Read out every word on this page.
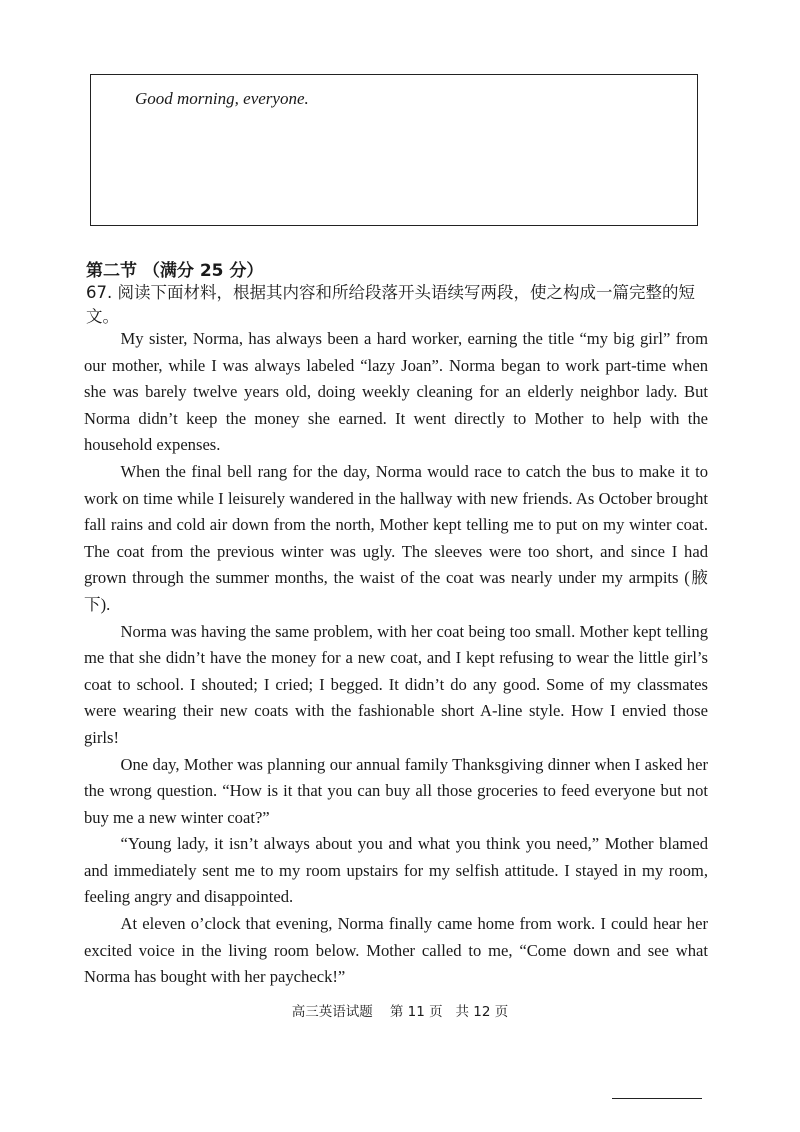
Good morning, everyone.
第二节 （满分 25 分）
67. 阅读下面材料，根据其内容和所给段落开头语续写两段，使之构成一篇完整的短文。

My sister, Norma, has always been a hard worker, earning the title “my big girl” from our mother, while I was always labeled “lazy Joan”. Norma began to work part-time when she was barely twelve years old, doing weekly cleaning for an elderly neighbor lady. But Norma didn’t keep the money she earned. It went directly to Mother to help with the household expenses.

When the final bell rang for the day, Norma would race to catch the bus to make it to work on time while I leisurely wandered in the hallway with new friends. As October brought fall rains and cold air down from the north, Mother kept telling me to put on my winter coat. The coat from the previous winter was ugly. The sleeves were too short, and since I had grown through the summer months, the waist of the coat was nearly under my armpits (腋下).

Norma was having the same problem, with her coat being too small. Mother kept telling me that she didn’t have the money for a new coat, and I kept refusing to wear the little girl’s coat to school. I shouted; I cried; I begged. It didn’t do any good. Some of my classmates were wearing their new coats with the fashionable short A-line style. How I envied those girls!

One day, Mother was planning our annual family Thanksgiving dinner when I asked her the wrong question. “How is it that you can buy all those groceries to feed everyone but not buy me a new winter coat?”

“Young lady, it isn’t always about you and what you think you need,” Mother blamed and immediately sent me to my room upstairs for my selfish attitude. I stayed in my room, feeling angry and disappointed.

At eleven o’clock that evening, Norma finally came home from work. I could hear her excited voice in the living room below. Mother called to me, “Come down and see what Norma has bought with her paycheck!”

高三英语试题    第 11 页   共 12 页
